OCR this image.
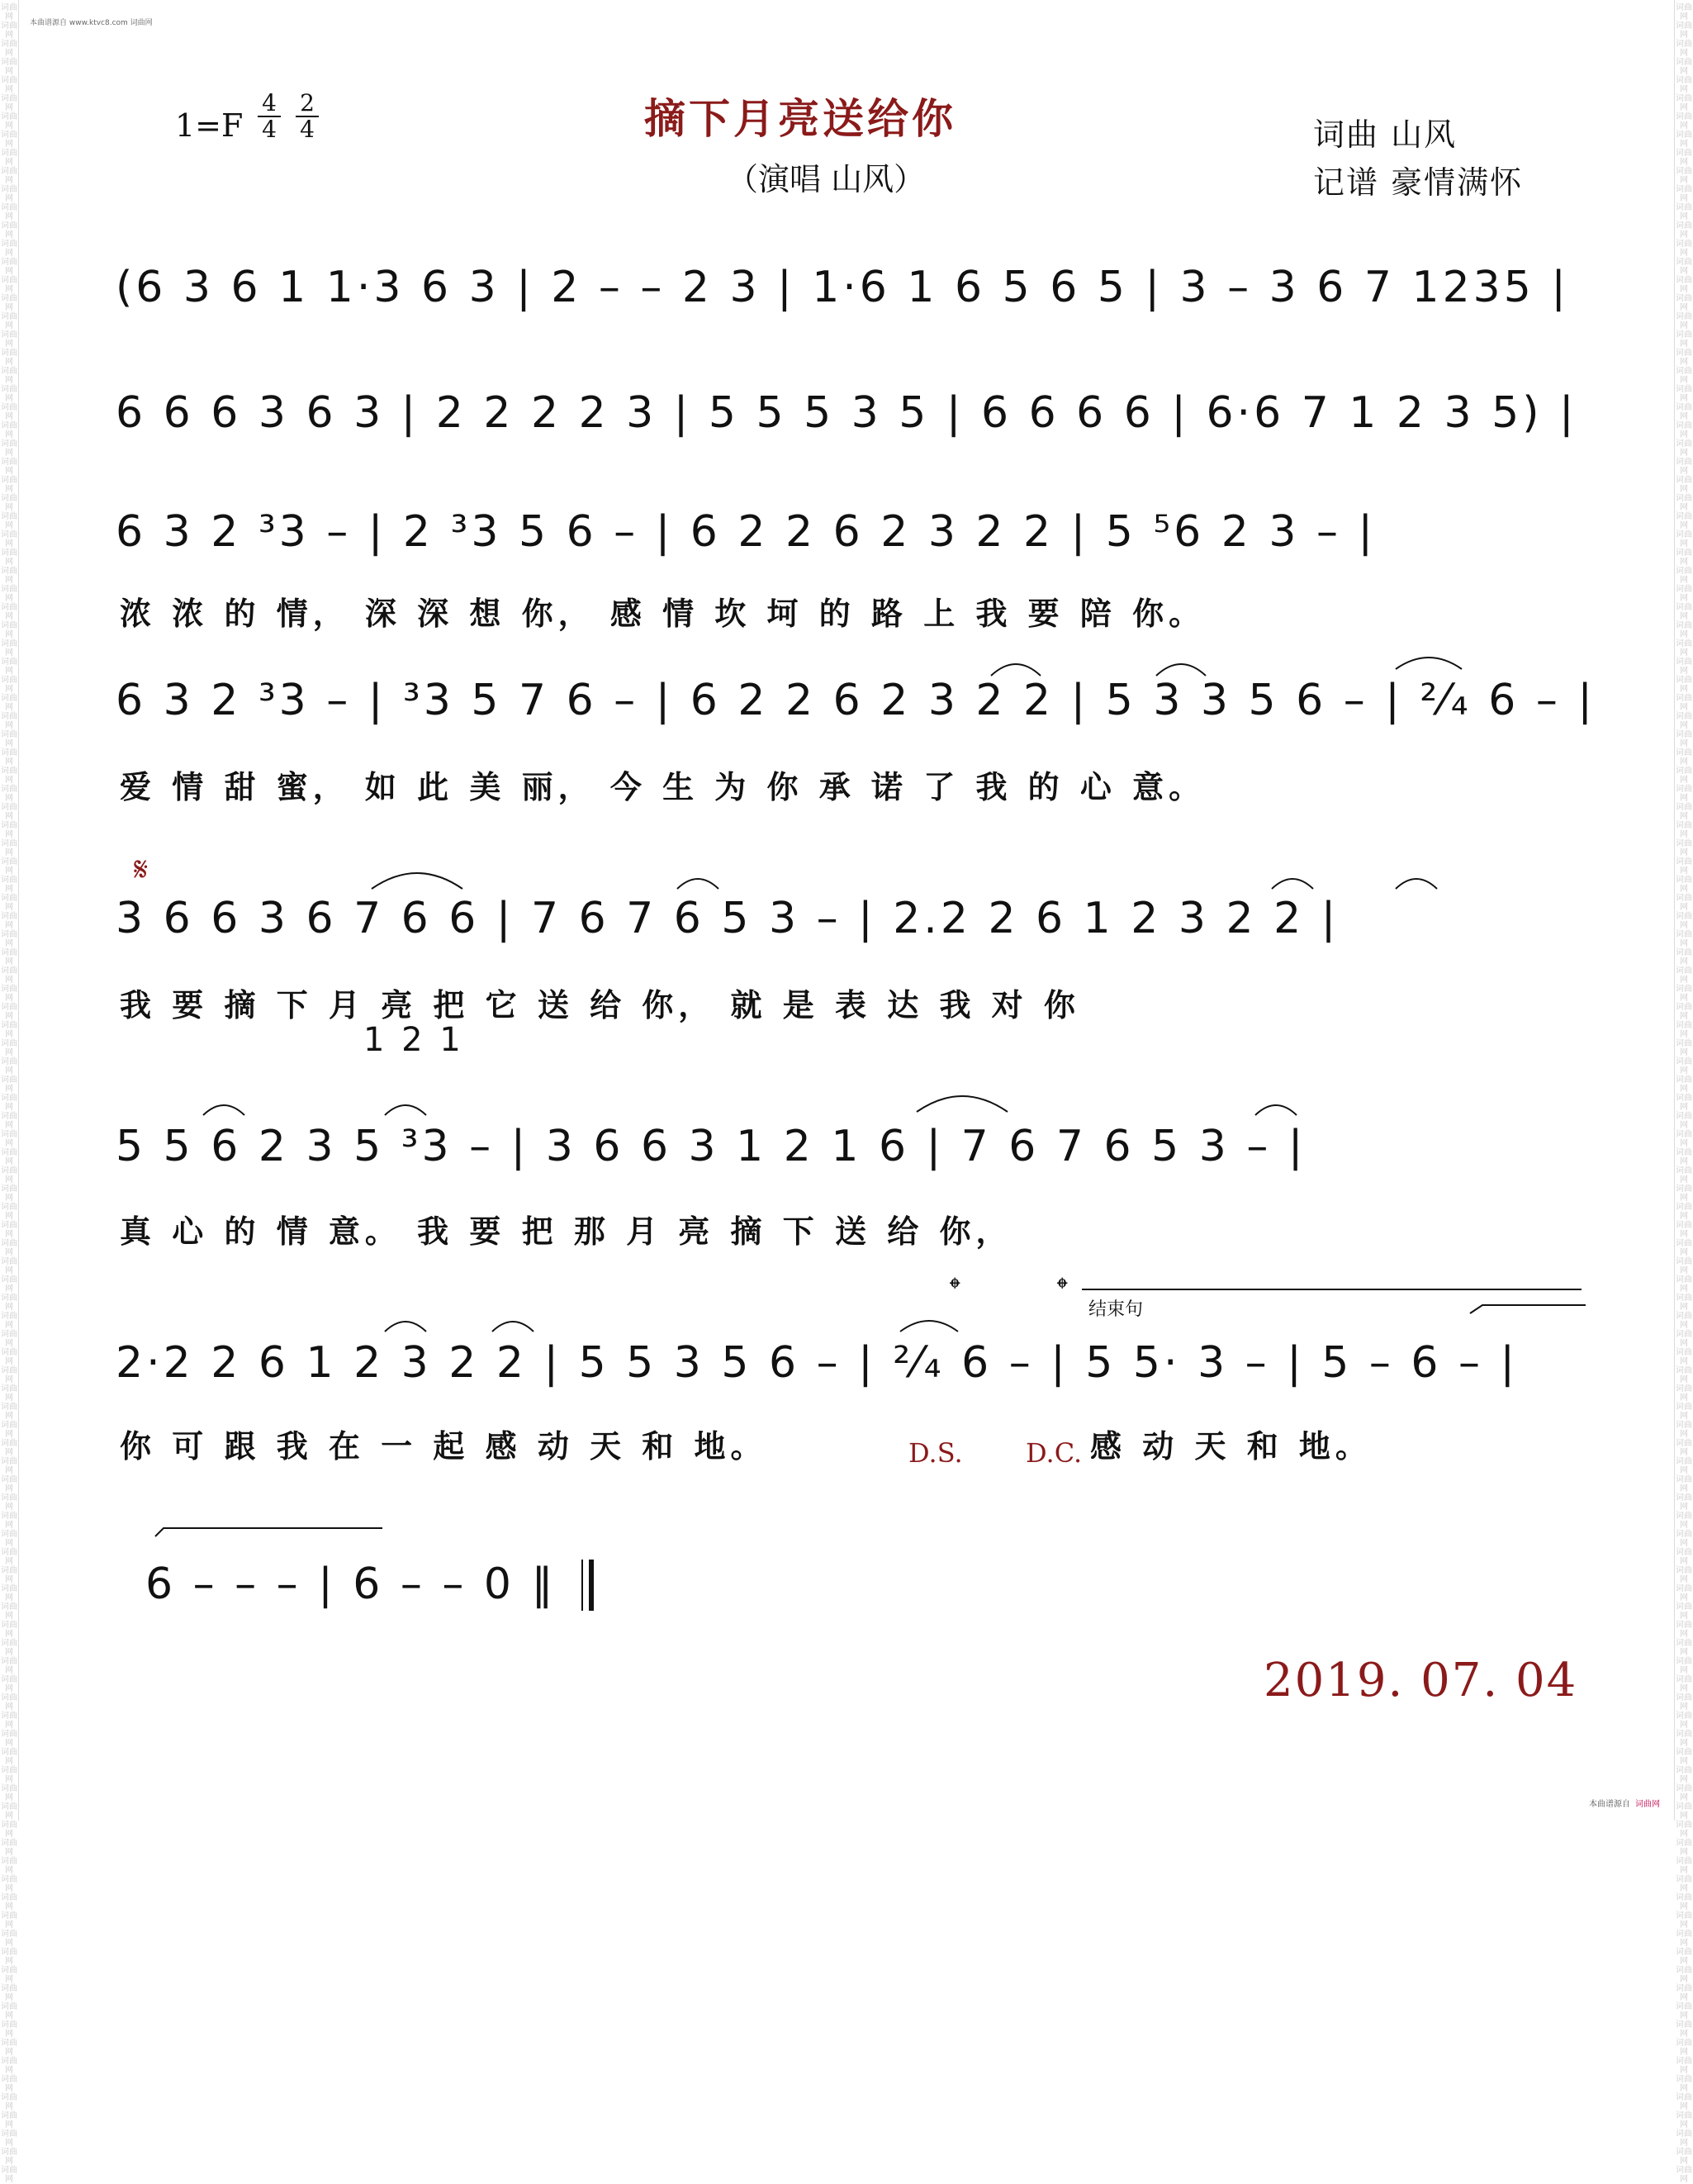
词曲网 词曲网 词曲网 词曲网 词曲网 词曲网 词曲网 词曲网 词曲网 词曲网 词曲网 词曲网 词曲网 词曲网 词曲网 词曲网 词曲网 词曲网 词曲网 词曲网 词曲网 词曲网 词曲网 词曲网 词曲网 词曲网 词曲网 词曲网 词曲网 词曲网 词曲网 词曲网 词曲网 词曲网 词曲网 词曲网 词曲网 词曲网 词曲网 词曲网 词曲网 词曲网 词曲网 词曲网 词曲网 词曲网 词曲网 词曲网 词曲网 词曲网 词曲网 词曲网 词曲网 词曲网 词曲网 词曲网 词曲网 词曲网 词曲网 词曲网 词曲网 词曲网 词曲网 词曲网 词曲网 词曲网 词曲网 词曲网 词曲网 词曲网 词曲网 词曲网 词曲网 词曲网 词曲网 词曲网 词曲网 词曲网 词曲网 词曲网 词曲网 词曲网 词曲网 词曲网 词曲网 词曲网 词曲网 词曲网 词曲网 词曲网 词曲网 词曲网 词曲网 词曲网 词曲网 词曲网 词曲网 词曲网 词曲网 词曲网 词曲网 词曲网 词曲网 词曲网 词曲网 词曲网 词曲网 词曲网 词曲网 词曲网 词曲网 词曲网 词曲网 词曲网 词曲网 词曲网 词曲网 词曲网 词曲网 词曲网
词曲网 词曲网 词曲网 词曲网 词曲网 词曲网 词曲网 词曲网 词曲网 词曲网 词曲网 词曲网 词曲网 词曲网 词曲网 词曲网 词曲网 词曲网 词曲网 词曲网 词曲网 词曲网 词曲网 词曲网 词曲网 词曲网 词曲网 词曲网 词曲网 词曲网 词曲网 词曲网 词曲网 词曲网 词曲网 词曲网 词曲网 词曲网 词曲网 词曲网 词曲网 词曲网 词曲网 词曲网 词曲网 词曲网 词曲网 词曲网 词曲网 词曲网 词曲网 词曲网 词曲网 词曲网 词曲网 词曲网 词曲网 词曲网 词曲网 词曲网 词曲网 词曲网 词曲网 词曲网 词曲网 词曲网 词曲网 词曲网 词曲网 词曲网 词曲网 词曲网 词曲网 词曲网 词曲网 词曲网 词曲网 词曲网 词曲网 词曲网 词曲网 词曲网 词曲网 词曲网 词曲网 词曲网 词曲网 词曲网 词曲网 词曲网 词曲网 词曲网 词曲网 词曲网 词曲网 词曲网 词曲网 词曲网 词曲网 词曲网 词曲网 词曲网 词曲网 词曲网 词曲网 词曲网 词曲网 词曲网 词曲网 词曲网 词曲网 词曲网 词曲网 词曲网 词曲网 词曲网 词曲网 词曲网 词曲网 词曲网
本曲谱源自 www.ktvc8.com 词曲网
1=F
4
4
2
4	摘下月亮送给你
（演唱 山风）
词曲 山风
记谱 豪情满怀
(6 3 6 1 1·3 6 3 | 2 – – 2 3 | 1·6 1 6 5 6 5 | 3 – 3 6 7 1235 |
6 6 6 3 6 3 | 2 2 2 2 3 | 5 5 5 3 5 | 6 6 6 6 | 6·6 7 1 2 3 5) |
6 3 2 ³3 – | 2 ³3 5 6 – | 6 2 2 6 2 3 2 2 | 5 ⁵6 2 3 – |
浓 浓 的 情， 深 深 想 你， 感 情 坎 坷 的 路 上 我 要 陪 你。
6 3 2 ³3 – | ³3 5 7 6 – | 6 2 2 6 2 3 2 2 | 5 3 3 5 6 – | ²⁄₄ 6 – |
爱 情 甜 蜜， 如 此 美 丽， 今 生 为 你 承 诺 了 我 的 心 意。
𝄋
3 6 6 3 6 7 6 6 | 7 6 7 6 5 3 – | 2.2 2 6 1 2 3 2 2 |
我 要 摘 下 月 亮 把 它 送 给 你， 就 是 表 达 我 对 你
1 2 1
5 5 6 2 3 5 ³3 – | 3 6 6 3 1 2 1 6 | 7 6 7 6 5 3 – |
真 心 的 情 意。 我 要 把 那 月 亮 摘 下 送 给 你，
𝄌	𝄌
结束句
2·2 2 6 1 2 3 2 2 | 5 5 3 5 6 – | ²⁄₄ 6 – | 5 5· 3 – | 5 – 6 – |
你 可 跟 我 在 一 起 感 动 天 和 地。	感 动 天 和 地。
D.S. D.C.
6 – – – | 6 – – 0 ‖
2019. 07. 04
本曲谱源自 词曲网
